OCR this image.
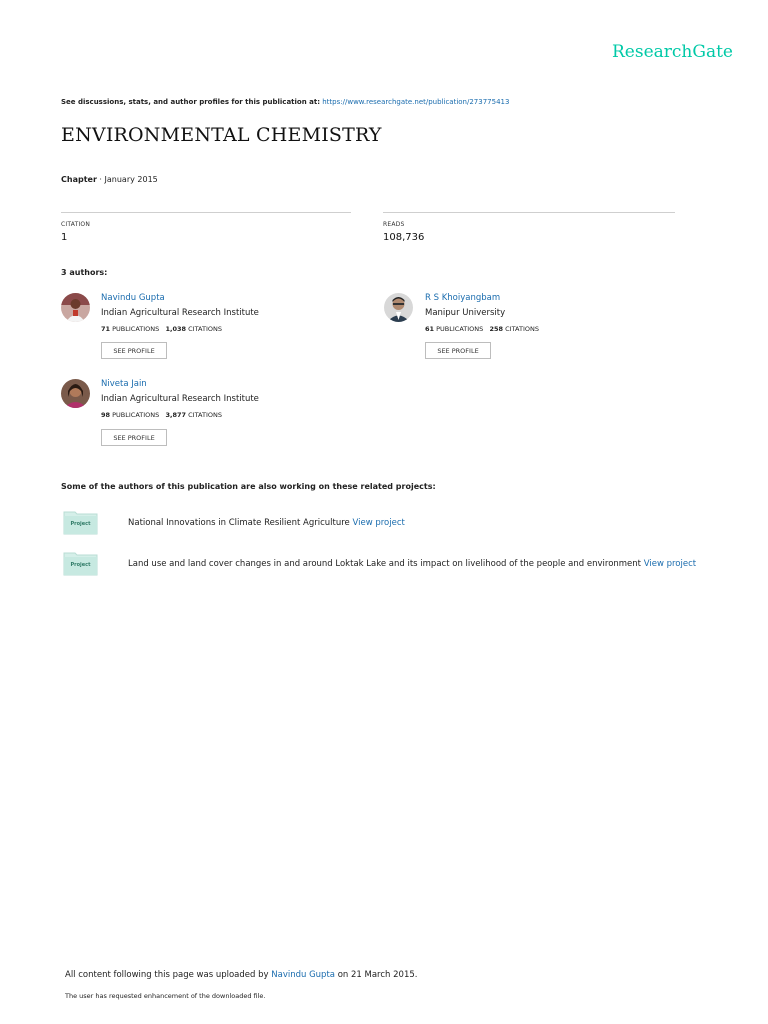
ResearchGate
See discussions, stats, and author profiles for this publication at: https://www.researchgate.net/publication/273775413
ENVIRONMENTAL CHEMISTRY
Chapter · January 2015
CITATION
1
READS
108,736
3 authors:
Navindu Gupta
Indian Agricultural Research Institute
71 PUBLICATIONS 1,038 CITATIONS
SEE PROFILE
R S Khoiyangbam
Manipur University
61 PUBLICATIONS 258 CITATIONS
SEE PROFILE
Niveta Jain
Indian Agricultural Research Institute
98 PUBLICATIONS 3,877 CITATIONS
SEE PROFILE
Some of the authors of this publication are also working on these related projects:
Project	National Innovations in Climate Resilient Agriculture View project
Project	Land use and land cover changes in and around Loktak Lake and its impact on livelihood of the people and environment View project
All content following this page was uploaded by Navindu Gupta on 21 March 2015.
The user has requested enhancement of the downloaded file.
